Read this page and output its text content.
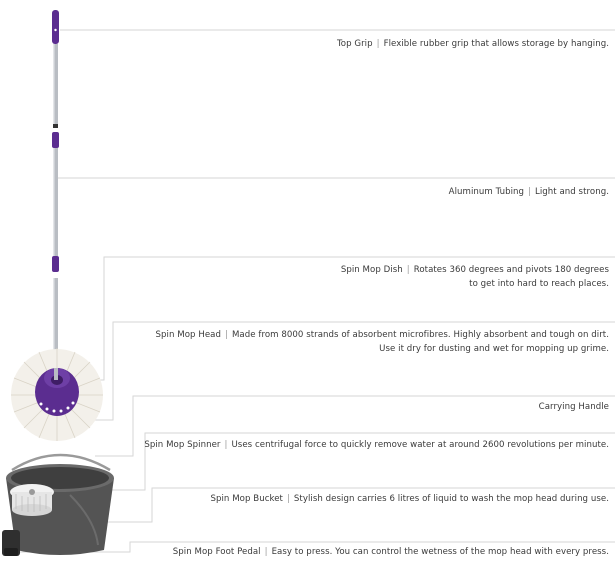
Top Grip | Flexible rubber grip that allows storage by hanging.
Aluminum Tubing | Light and strong.
Spin Mop Dish | Rotates 360 degrees and pivots 180 degrees
to get into hard to reach places.
Spin Mop Head | Made from 8000 strands of absorbent microfibres. Highly absorbent and tough on dirt.
Use it dry for dusting and wet for mopping up grime.
Carrying Handle
Spin Mop Spinner | Uses centrifugal force to quickly remove water at around 2600 revolutions per minute.
Spin Mop Bucket | Stylish design carries 6 litres of liquid to wash the mop head during use.
Spin Mop Foot Pedal | Easy to press. You can control the wetness of the mop head with every press.
